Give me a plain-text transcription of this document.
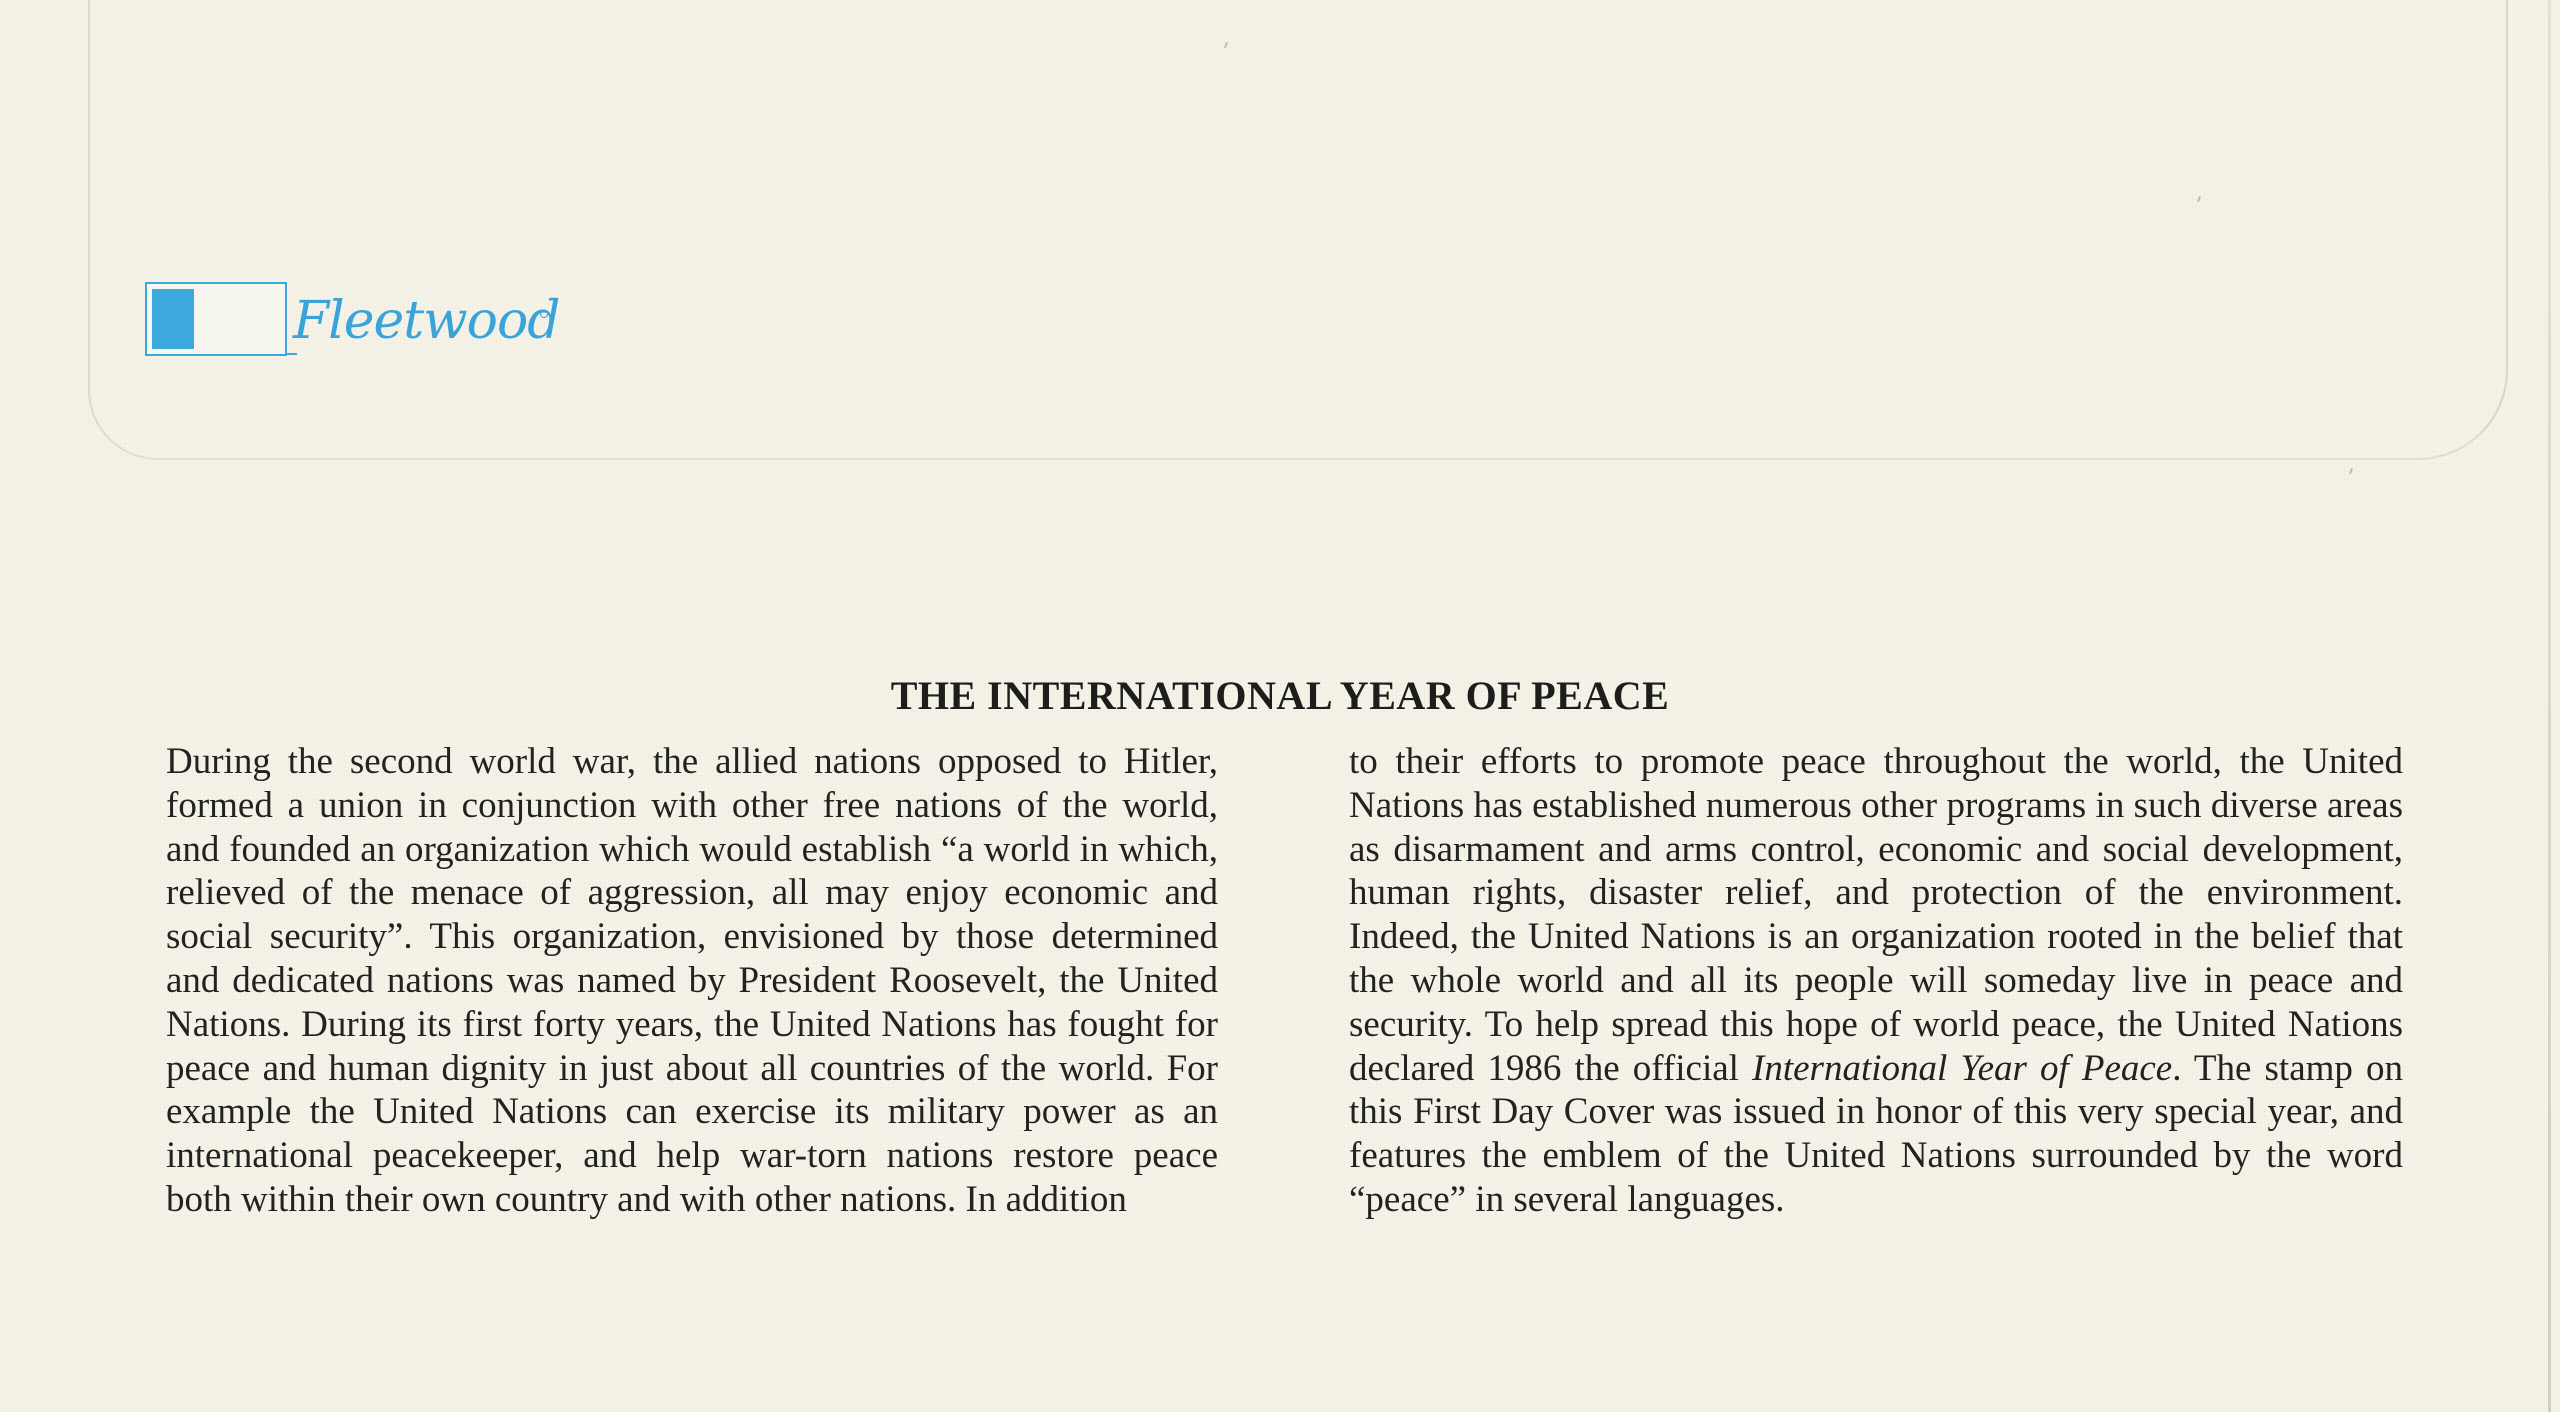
Fleetwood
THE INTERNATIONAL YEAR OF PEACE

During the second world war, the allied nations opposed to Hitler, formed a union in conjunction with other free nations of the world, and founded an organization which would establish “a world in which, relieved of the menace of aggression, all may enjoy economic and social security”. This organization, envisioned by those determined and dedicated nations was named by President Roosevelt, the United Nations. During its first forty years, the United Nations has fought for peace and human dignity in just about all countries of the world. For example the United Nations can exercise its military power as an international peacekeeper, and help war-torn nations restore peace both within their own country and with other nations. In addition

to their efforts to promote peace throughout the world, the United Nations has established numerous other programs in such diverse areas as disarmament and arms control, economic and social development, human rights, disaster relief, and protection of the environment. Indeed, the United Nations is an organization rooted in the belief that the whole world and all its people will someday live in peace and security. To help spread this hope of world peace, the United Nations declared 1986 the official International Year of Peace. The stamp on this First Day Cover was issued in honor of this very special year, and features the emblem of the United Nations surrounded by the word “peace” in several languages.
